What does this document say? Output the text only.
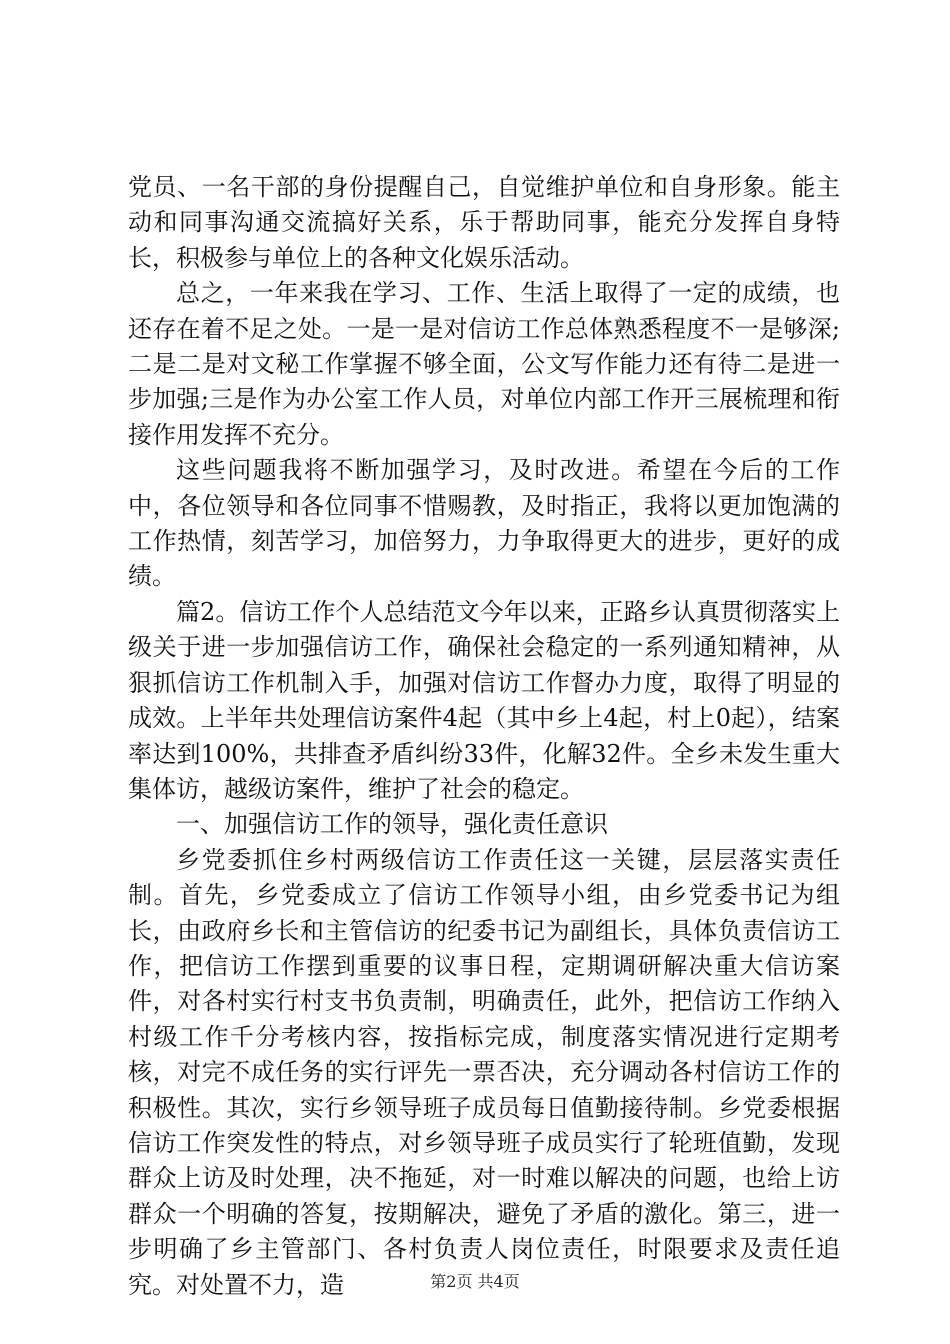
党员、一名干部的身份提醒自己，自觉维护单位和自身形象。能主动和同事沟通交流搞好关系，乐于帮助同事，能充分发挥自身特长，积极参与单位上的各种文化娱乐活动。

总之，一年来我在学习、工作、生活上取得了一定的成绩，也还存在着不足之处。一是一是对信访工作总体熟悉程度不一是够深;二是二是对文秘工作掌握不够全面，公文写作能力还有待二是进一步加强;三是作为办公室工作人员，对单位内部工作开三展梳理和衔接作用发挥不充分。

这些问题我将不断加强学习，及时改进。希望在今后的工作中，各位领导和各位同事不惜赐教，及时指正，我将以更加饱满的工作热情，刻苦学习，加倍努力，力争取得更大的进步，更好的成绩。

篇2。信访工作个人总结范文今年以来，正路乡认真贯彻落实上级关于进一步加强信访工作，确保社会稳定的一系列通知精神，从狠抓信访工作机制入手，加强对信访工作督办力度，取得了明显的成效。上半年共处理信访案件4起（其中乡上4起，村上0起），结案率达到100%，共排查矛盾纠纷33件，化解32件。全乡未发生重大集体访，越级访案件，维护了社会的稳定。

一、加强信访工作的领导，强化责任意识

乡党委抓住乡村两级信访工作责任这一关键，层层落实责任制。首先，乡党委成立了信访工作领导小组，由乡党委书记为组长，由政府乡长和主管信访的纪委书记为副组长，具体负责信访工作，把信访工作摆到重要的议事日程，定期调研解决重大信访案件，对各村实行村支书负责制，明确责任，此外，把信访工作纳入村级工作千分考核内容，按指标完成，制度落实情况进行定期考核，对完不成任务的实行评先一票否决，充分调动各村信访工作的积极性。其次，实行乡领导班子成员每日值勤接待制。乡党委根据信访工作突发性的特点，对乡领导班子成员实行了轮班值勤，发现群众上访及时处理，决不拖延，对一时难以解决的问题，也给上访群众一个明确的答复，按期解决，避免了矛盾的激化。第三，进一步明确了乡主管部门、各村负责人岗位责任，时限要求及责任追究。对处置不力，造	第2页 共4页
